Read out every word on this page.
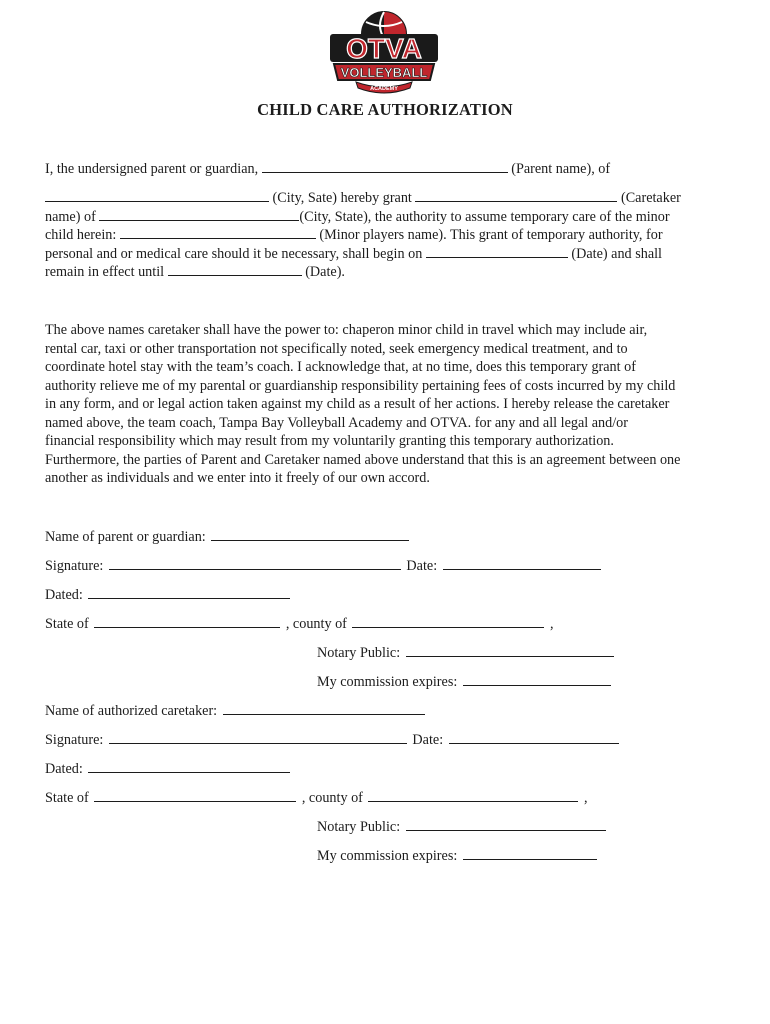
OTVA
VOLLEYBALL
ACADEMY
CHILD CARE AUTHORIZATION
I, the undersigned parent or guardian,	(Parent name), of
(City, Sate) hereby grant	(Caretaker
name) of	(City, State), the authority to assume temporary care of the minor
child herein:	(Minor players name). This grant of temporary authority, for
personal and or medical care should it be necessary, shall begin on	(Date) and shall
remain in effect until	(Date).
The above names caretaker shall have the power to: chaperon minor child in travel which may include air,
rental car, taxi or other transportation not specifically noted, seek emergency medical treatment, and to
coordinate hotel stay with the team’s coach. I acknowledge that, at no time, does this temporary grant of
authority relieve me of my parental or guardianship responsibility pertaining fees of costs incurred by my child
in any form, and or legal action taken against my child as a result of her actions. I hereby release the caretaker
named above, the team coach, Tampa Bay Volleyball Academy and OTVA. for any and all legal and/or
financial responsibility which may result from my voluntarily granting this temporary authorization.
Furthermore, the parties of Parent and Caretaker named above understand that this is an agreement between one
another as individuals and we enter into it freely of our own accord.
Name of parent or guardian:
Signature:	Date:
Dated:
State of	, county of	,
Notary Public:
My commission expires:
Name of authorized caretaker:
Signature:	Date:
Dated:
State of	, county of	,
Notary Public:
My commission expires:
